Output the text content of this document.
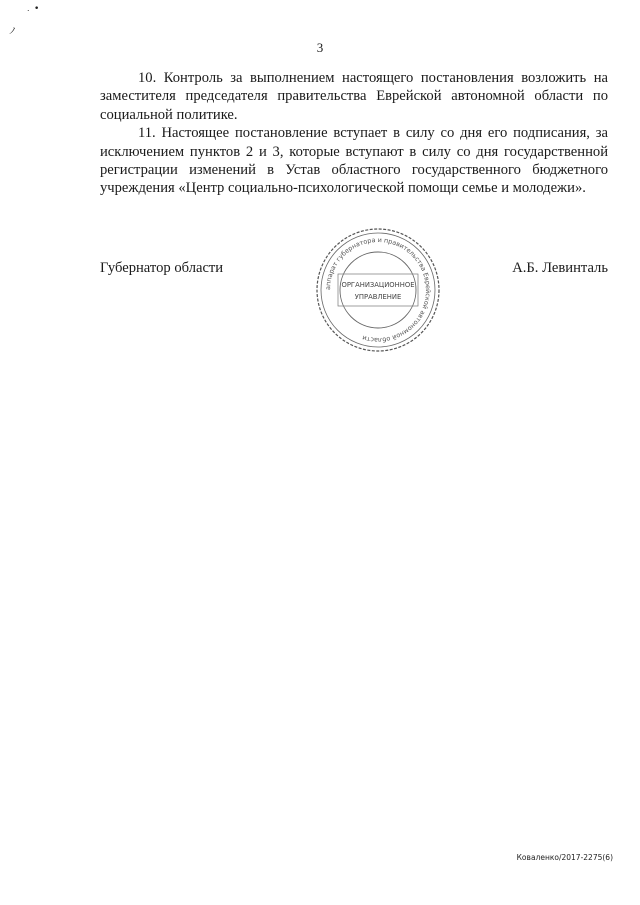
•
˙
ノ
3

10. Контроль за выполнением настоящего постановления возложить на заместителя председателя правительства Еврейской автономной области по социальной политике.

11. Настоящее постановление вступает в силу со дня его подписания, за исключением пунктов 2 и 3, которые вступают в силу со дня государственной регистрации изменений в Устав областного государственного бюджетного учреждения «Центр социально-психологической помощи семье и молодежи».

Губернатор области	А.Б. Левинталь
аппарат губернатора и правительства Еврейской автономной области
ОРГАНИЗАЦИОННОЕ
УПРАВЛЕНИЕ
Коваленко/2017-2275(6)
